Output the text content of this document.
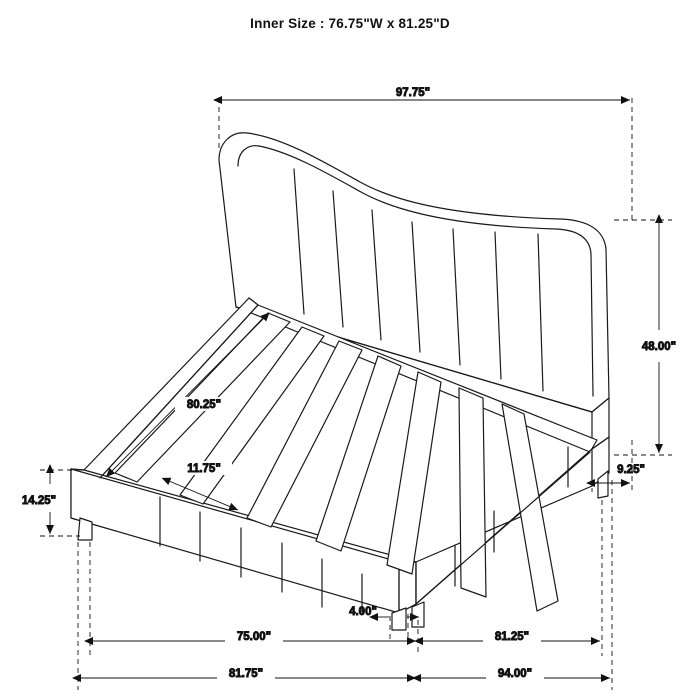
Inner Size : 76.75"W x 81.25"D
97.75"
48.00"
9.25"
80.25"
11.75"
14.25"
4.00"
75.00"	81.25"
81.75"	94.00"
